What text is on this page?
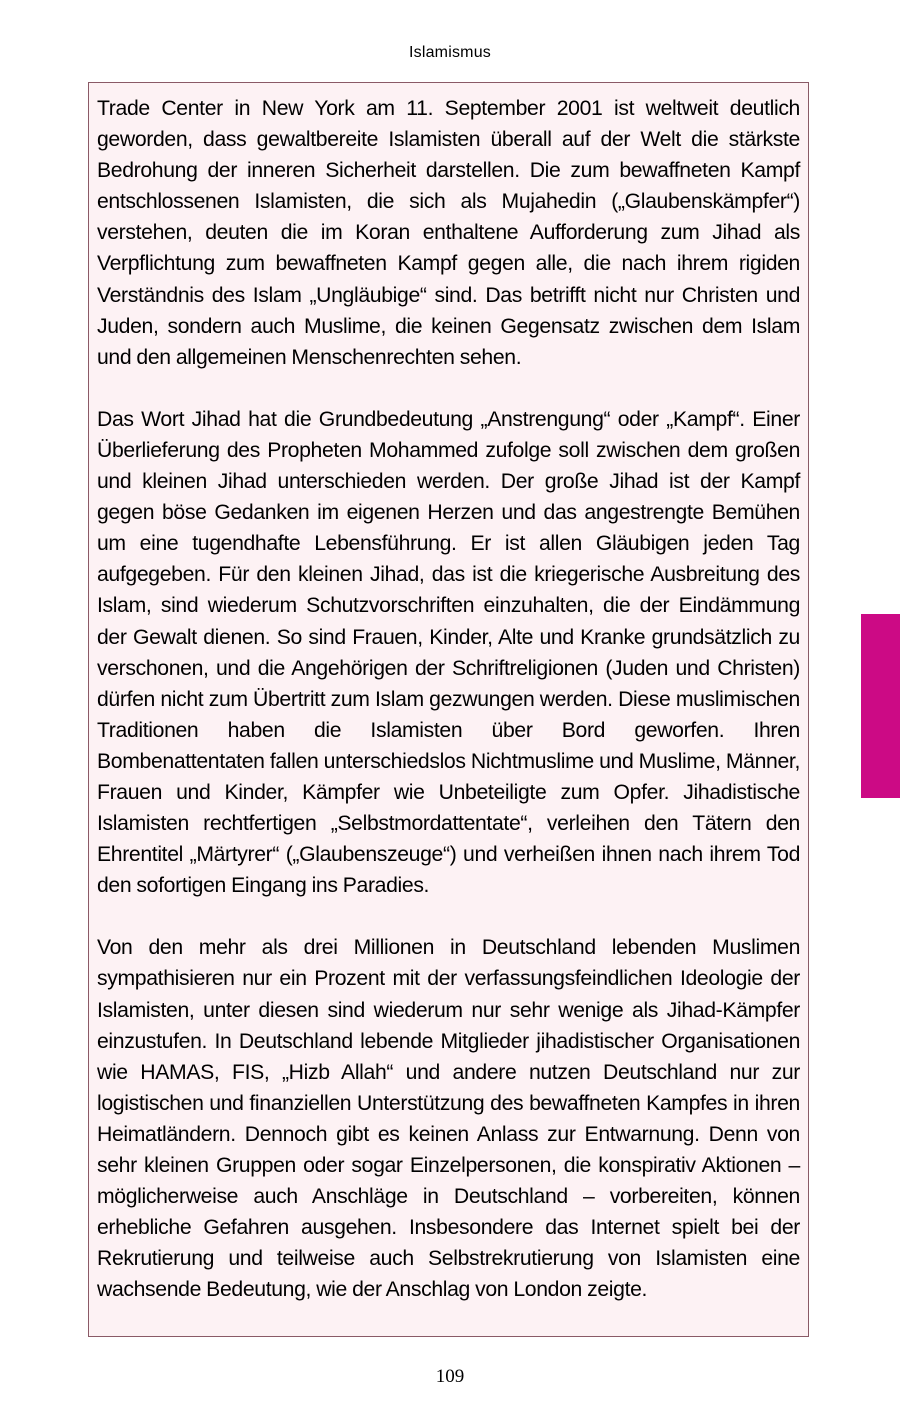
Islamismus

Trade Center in New York am 11. September 2001 ist weltweit deutlich geworden, dass gewaltbereite Islamisten überall auf der Welt die stärkste Bedrohung der inneren Sicherheit darstellen. Die zum bewaffneten Kampf entschlossenen Islamisten, die sich als Mujahedin („Glaubenskämpfer“) verstehen, deuten die im Koran enthaltene Aufforderung zum Jihad als Verpflichtung zum bewaffneten Kampf gegen alle, die nach ihrem rigiden Verständnis des Islam „Ungläubige“ sind. Das betrifft nicht nur Christen und Juden, sondern auch Muslime, die keinen Gegensatz zwischen dem Islam und den allgemeinen Menschenrechten sehen.

Das Wort Jihad hat die Grundbedeutung „Anstrengung“ oder „Kampf“. Einer Überlieferung des Propheten Mohammed zufolge soll zwischen dem großen und kleinen Jihad unterschieden werden. Der große Jihad ist der Kampf gegen böse Gedanken im eigenen Herzen und das angestrengte Bemühen um eine tugendhafte Lebensführung. Er ist allen Gläubigen jeden Tag aufgegeben. Für den kleinen Jihad, das ist die kriegerische Ausbreitung des Islam, sind wiederum Schutzvorschriften einzuhalten, die der Eindämmung der Gewalt dienen. So sind Frauen, Kinder, Alte und Kranke grundsätzlich zu verschonen, und die Angehörigen der Schriftreligionen (Juden und Christen) dürfen nicht zum Übertritt zum Islam gezwungen werden. Diese muslimischen Traditionen haben die Islamisten über Bord geworfen. Ihren Bombenattentaten fallen unterschiedslos Nichtmuslime und Muslime, Männer, Frauen und Kinder, Kämpfer wie Unbeteiligte zum Opfer. Jihadistische Islamisten rechtfertigen „Selbstmordattentate“, verleihen den Tätern den Ehrentitel „Märtyrer“ („Glaubenszeuge“) und verheißen ihnen nach ihrem Tod den sofortigen Eingang ins Paradies.

Von den mehr als drei Millionen in Deutschland lebenden Muslimen sympathisieren nur ein Prozent mit der verfassungsfeindlichen Ideologie der Islamisten, unter diesen sind wiederum nur sehr wenige als Jihad-Kämpfer einzustufen. In Deutschland lebende Mitglieder jihadistischer Organisationen wie HAMAS, FIS, „Hizb Allah“ und andere nutzen Deutschland nur zur logistischen und finanziellen Unterstützung des bewaffneten Kampfes in ihren Heimatländern. Dennoch gibt es keinen Anlass zur Entwarnung. Denn von sehr kleinen Gruppen oder sogar Einzelpersonen, die konspirativ Aktionen – möglicherweise auch Anschläge in Deutschland – vorbereiten, können erhebliche Gefahren ausgehen. Insbesondere das Internet spielt bei der Rekrutierung und teilweise auch Selbstrekrutierung von Islamisten eine wachsende Bedeutung, wie der Anschlag von London zeigte.

109
